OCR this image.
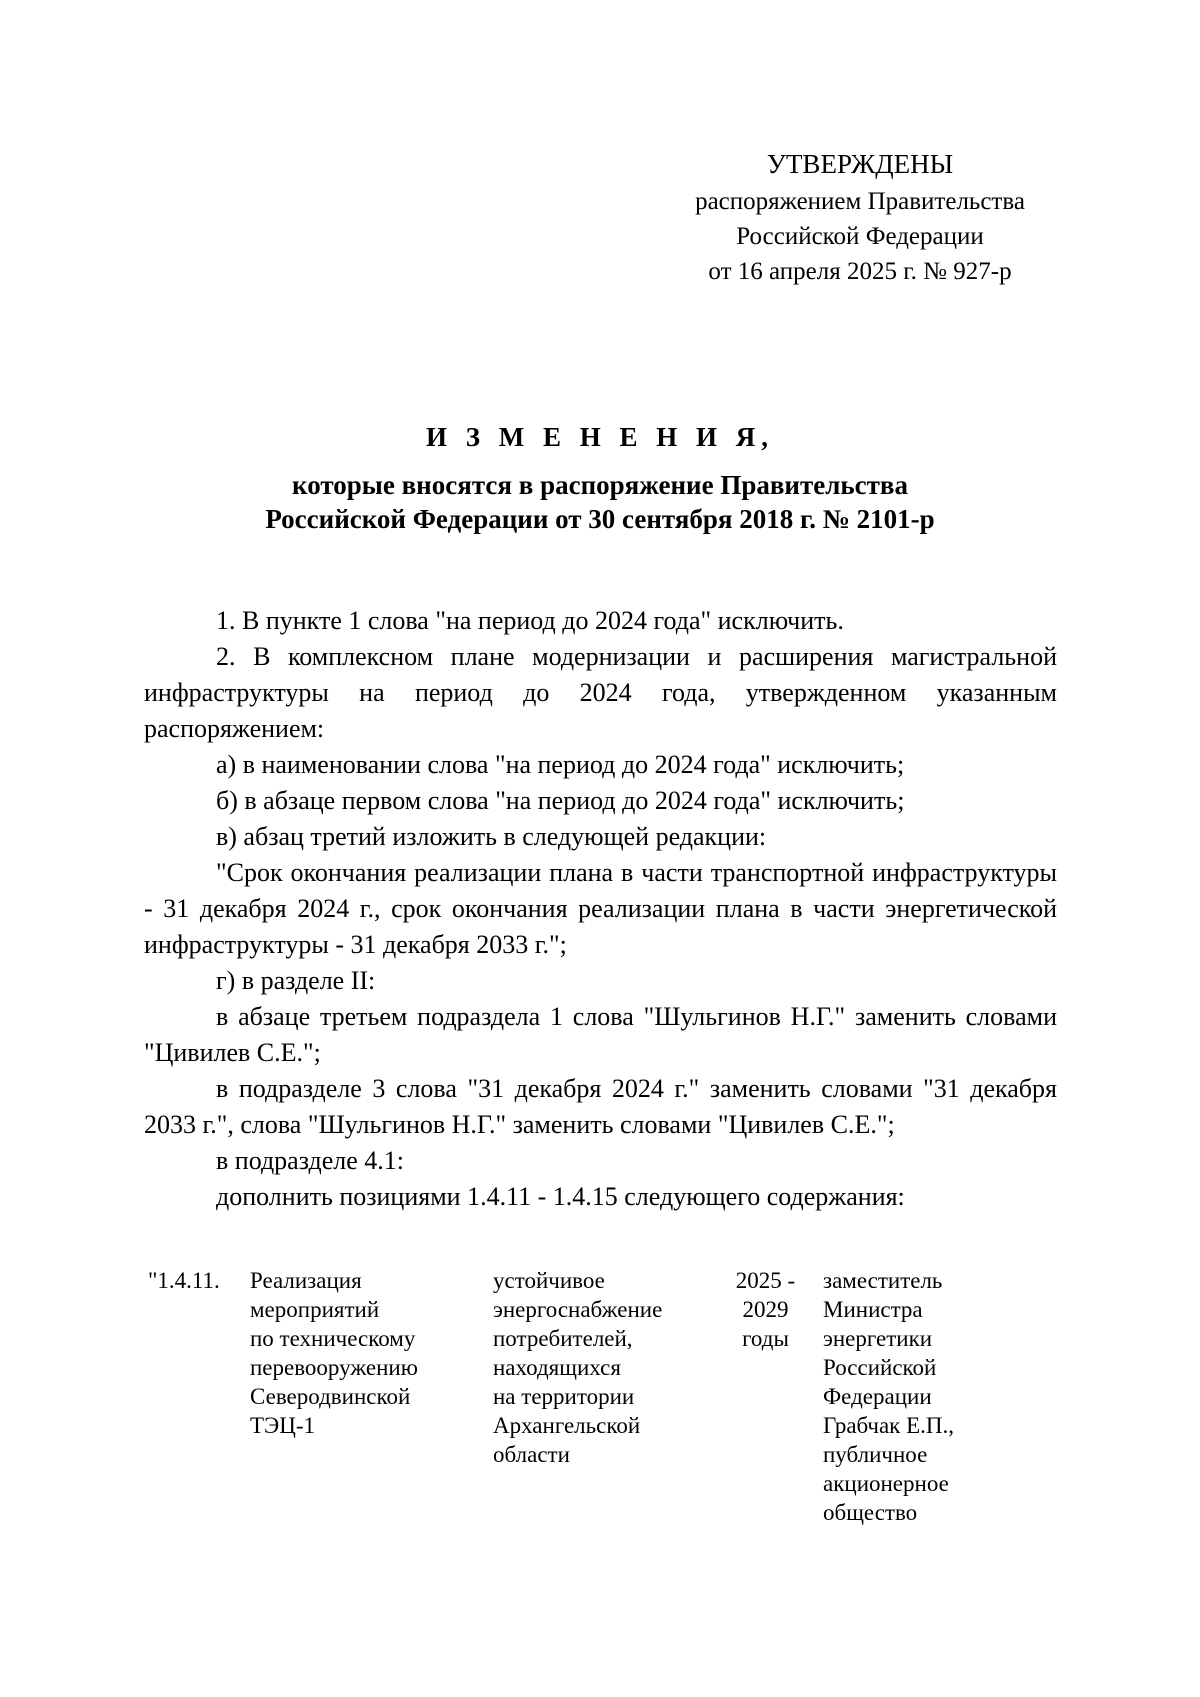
УТВЕРЖДЕНЫ
распоряжением Правительства
Российской Федерации
от 16 апреля 2025 г. № 927-р
И З М Е Н Е Н И Я,
которые вносятся в распоряжение Правительства
Российской Федерации от 30 сентября 2018 г. № 2101-р

1. В пункте 1 слова "на период до 2024 года" исключить.

2. В комплексном плане модернизации и расширения магистральной инфраструктуры на период до 2024 года, утвержденном указанным распоряжением:

а) в наименовании слова "на период до 2024 года" исключить;

б) в абзаце первом слова "на период до 2024 года" исключить;

в) абзац третий изложить в следующей редакции:

"Срок окончания реализации плана в части транспортной инфраструктуры - 31 декабря 2024 г., срок окончания реализации плана в части энергетической инфраструктуры - 31 декабря 2033 г.";

г) в разделе II:

в абзаце третьем подраздела 1 слова "Шульгинов Н.Г." заменить словами "Цивилев С.Е.";

в подразделе 3 слова "31 декабря 2024 г." заменить словами "31 декабря 2033 г.", слова "Шульгинов Н.Г." заменить словами "Цивилев С.Е.";

в подразделе 4.1:

дополнить позициями 1.4.11 - 1.4.15 следующего содержания:

"1.4.11.	Реализация
мероприятий
по техническому
перевооружению
Северодвинской
ТЭЦ-1
устойчивое
энергоснабжение
потребителей,
находящихся
на территории
Архангельской
области
2025 -
2029
годы
заместитель
Министра
энергетики
Российской
Федерации
Грабчак Е.П.,
публичное
акционерное
общество
